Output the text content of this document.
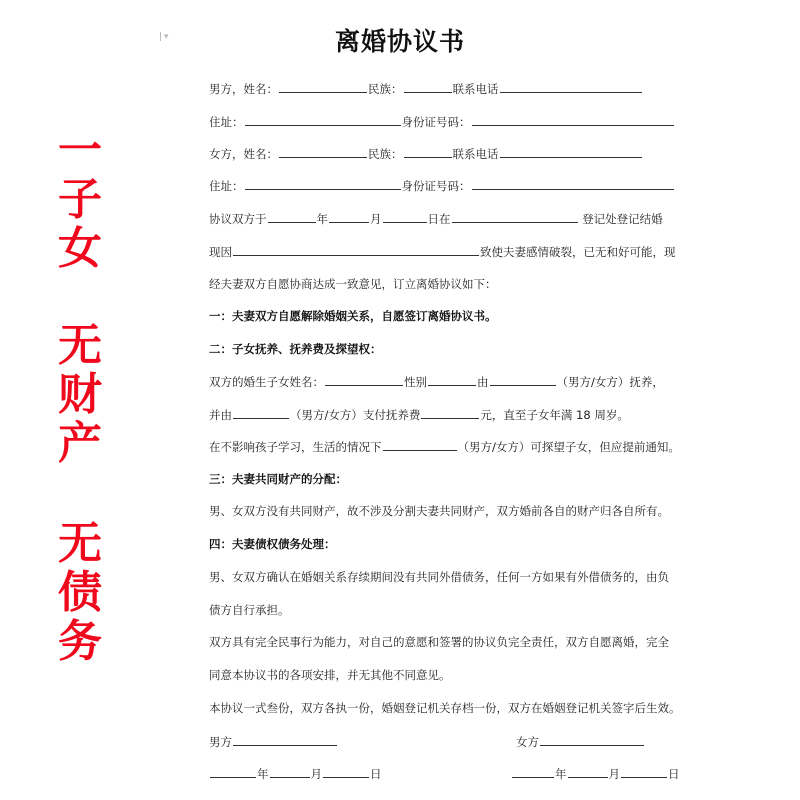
▾	离婚协议书
一
子
女
无
财
产
无
债
务
男方，姓名：	民族：	联系电话
住址：	身份证号码：
女方，姓名：	民族：	联系电话
住址：	身份证号码：
协议双方于	年	月	日在	登记处登记结婚
现因	致使夫妻感情破裂，已无和好可能，现
经夫妻双方自愿协商达成一致意见，订立离婚协议如下：
一：夫妻双方自愿解除婚姻关系，自愿签订离婚协议书。
二：子女抚养、抚养费及探望权：
双方的婚生子女姓名：	性别	由	（男方/女方）抚养，
并由	（男方/女方）支付抚养费	元，直至子女年满 18 周岁。
在不影响孩子学习，生活的情况下	（男方/女方）可探望子女，但应提前通知。
三：夫妻共同财产的分配：
男、女双方没有共同财产，故不涉及分割夫妻共同财产，双方婚前各自的财产归各自所有。
四：夫妻债权债务处理：
男、女双方确认在婚姻关系存续期间没有共同外借债务，任何一方如果有外借债务的，由负
债方自行承担。
双方具有完全民事行为能力，对自己的意愿和签署的协议负完全责任，双方自愿离婚，完全
同意本协议书的各项安排，并无其他不同意见。
本协议一式叁份，双方各执一份，婚姻登记机关存档一份，双方在婚姻登记机关签字后生效。
男方	女方
年	月	日	年	月	日
